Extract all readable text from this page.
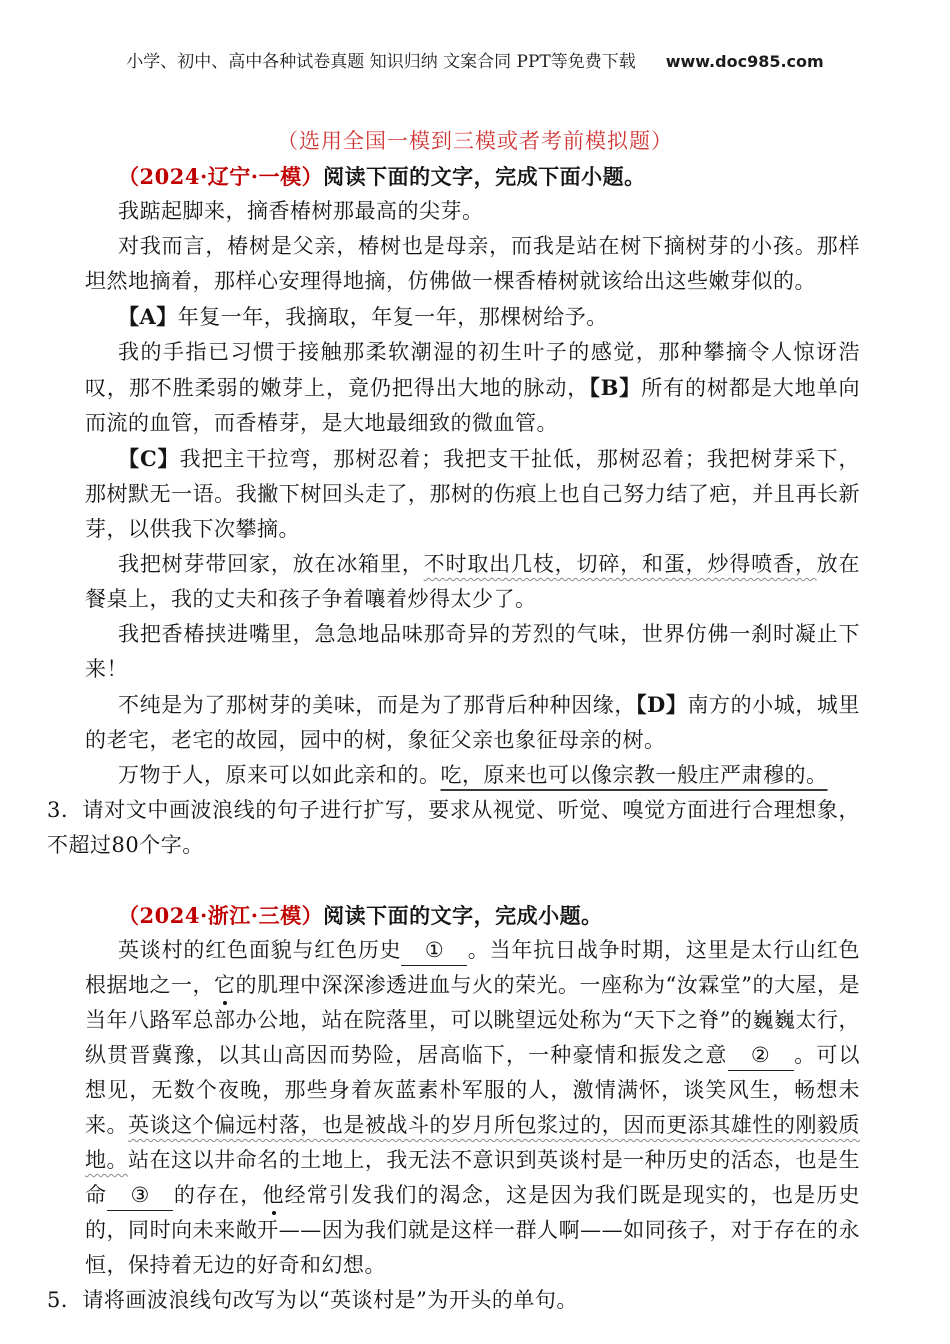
小学、初中、高中各种试卷真题 知识归纳 文案合同 PPT等免费下载 www.doc985.com
（选用全国一模到三模或者考前模拟题）

（2024·辽宁·一模）阅读下面的文字，完成下面小题。

我踮起脚来，摘香椿树那最高的尖芽。

对我而言，椿树是父亲，椿树也是母亲，而我是站在树下摘树芽的小孩。那样坦然地摘着，那样心安理得地摘，仿佛做一棵香椿树就该给出这些嫩芽似的。

【A】年复一年，我摘取，年复一年，那棵树给予。

我的手指已习惯于接触那柔软潮湿的初生叶子的感觉，那种攀摘令人惊讶浩叹，那不胜柔弱的嫩芽上，竟仍把得出大地的脉动，【B】所有的树都是大地单向而流的血管，而香椿芽，是大地最细致的微血管。

【C】我把主干拉弯，那树忍着；我把支干扯低，那树忍着；我把树芽采下，那树默无一语。我撇下树回头走了，那树的伤痕上也自己努力结了疤，并且再长新芽，以供我下次攀摘。

我把树芽带回家，放在冰箱里，不时取出几枝，切碎，和蛋，炒得喷香，放在餐桌上，我的丈夫和孩子争着嚷着炒得太少了。

我把香椿挟进嘴里，急急地品味那奇异的芳烈的气味，世界仿佛一刹时凝止下来！

不纯是为了那树芽的美味，而是为了那背后种种因缘，【D】南方的小城，城里的老宅，老宅的故园，园中的树，象征父亲也象征母亲的树。

万物于人，原来可以如此亲和的。吃，原来也可以像宗教一般庄严肃穆的。

3．请对文中画波浪线的句子进行扩写，要求从视觉、听觉、嗅觉方面进行合理想象，不超过80个字。

（2024·浙江·三模）阅读下面的文字，完成小题。

英谈村的红色面貌与红色历史 ① 。当年抗日战争时期，这里是太行山红色根据地之一，它的肌理中深深渗透进血与火的荣光。一座称为“汝霖堂”的大屋，是当年八路军总部办公地，站在院落里，可以眺望远处称为“天下之脊”的巍巍太行，纵贯晋冀豫，以其山高因而势险，居高临下，一种豪情和振发之意 ② 。可以想见，无数个夜晚，那些身着灰蓝素朴军服的人，激情满怀，谈笑风生，畅想未来。英谈这个偏远村落，也是被战斗的岁月所包浆过的，因而更添其雄性的刚毅质地。站在这以井命名的土地上，我无法不意识到英谈村是一种历史的活态，也是生命 ③ 的存在，他经常引发我们的渴念，这是因为我们既是现实的，也是历史的，同时向未来敞开——因为我们就是这样一群人啊——如同孩子，对于存在的永恒，保持着无边的好奇和幻想。

5．请将画波浪线句改写为以“英谈村是”为开头的单句。
